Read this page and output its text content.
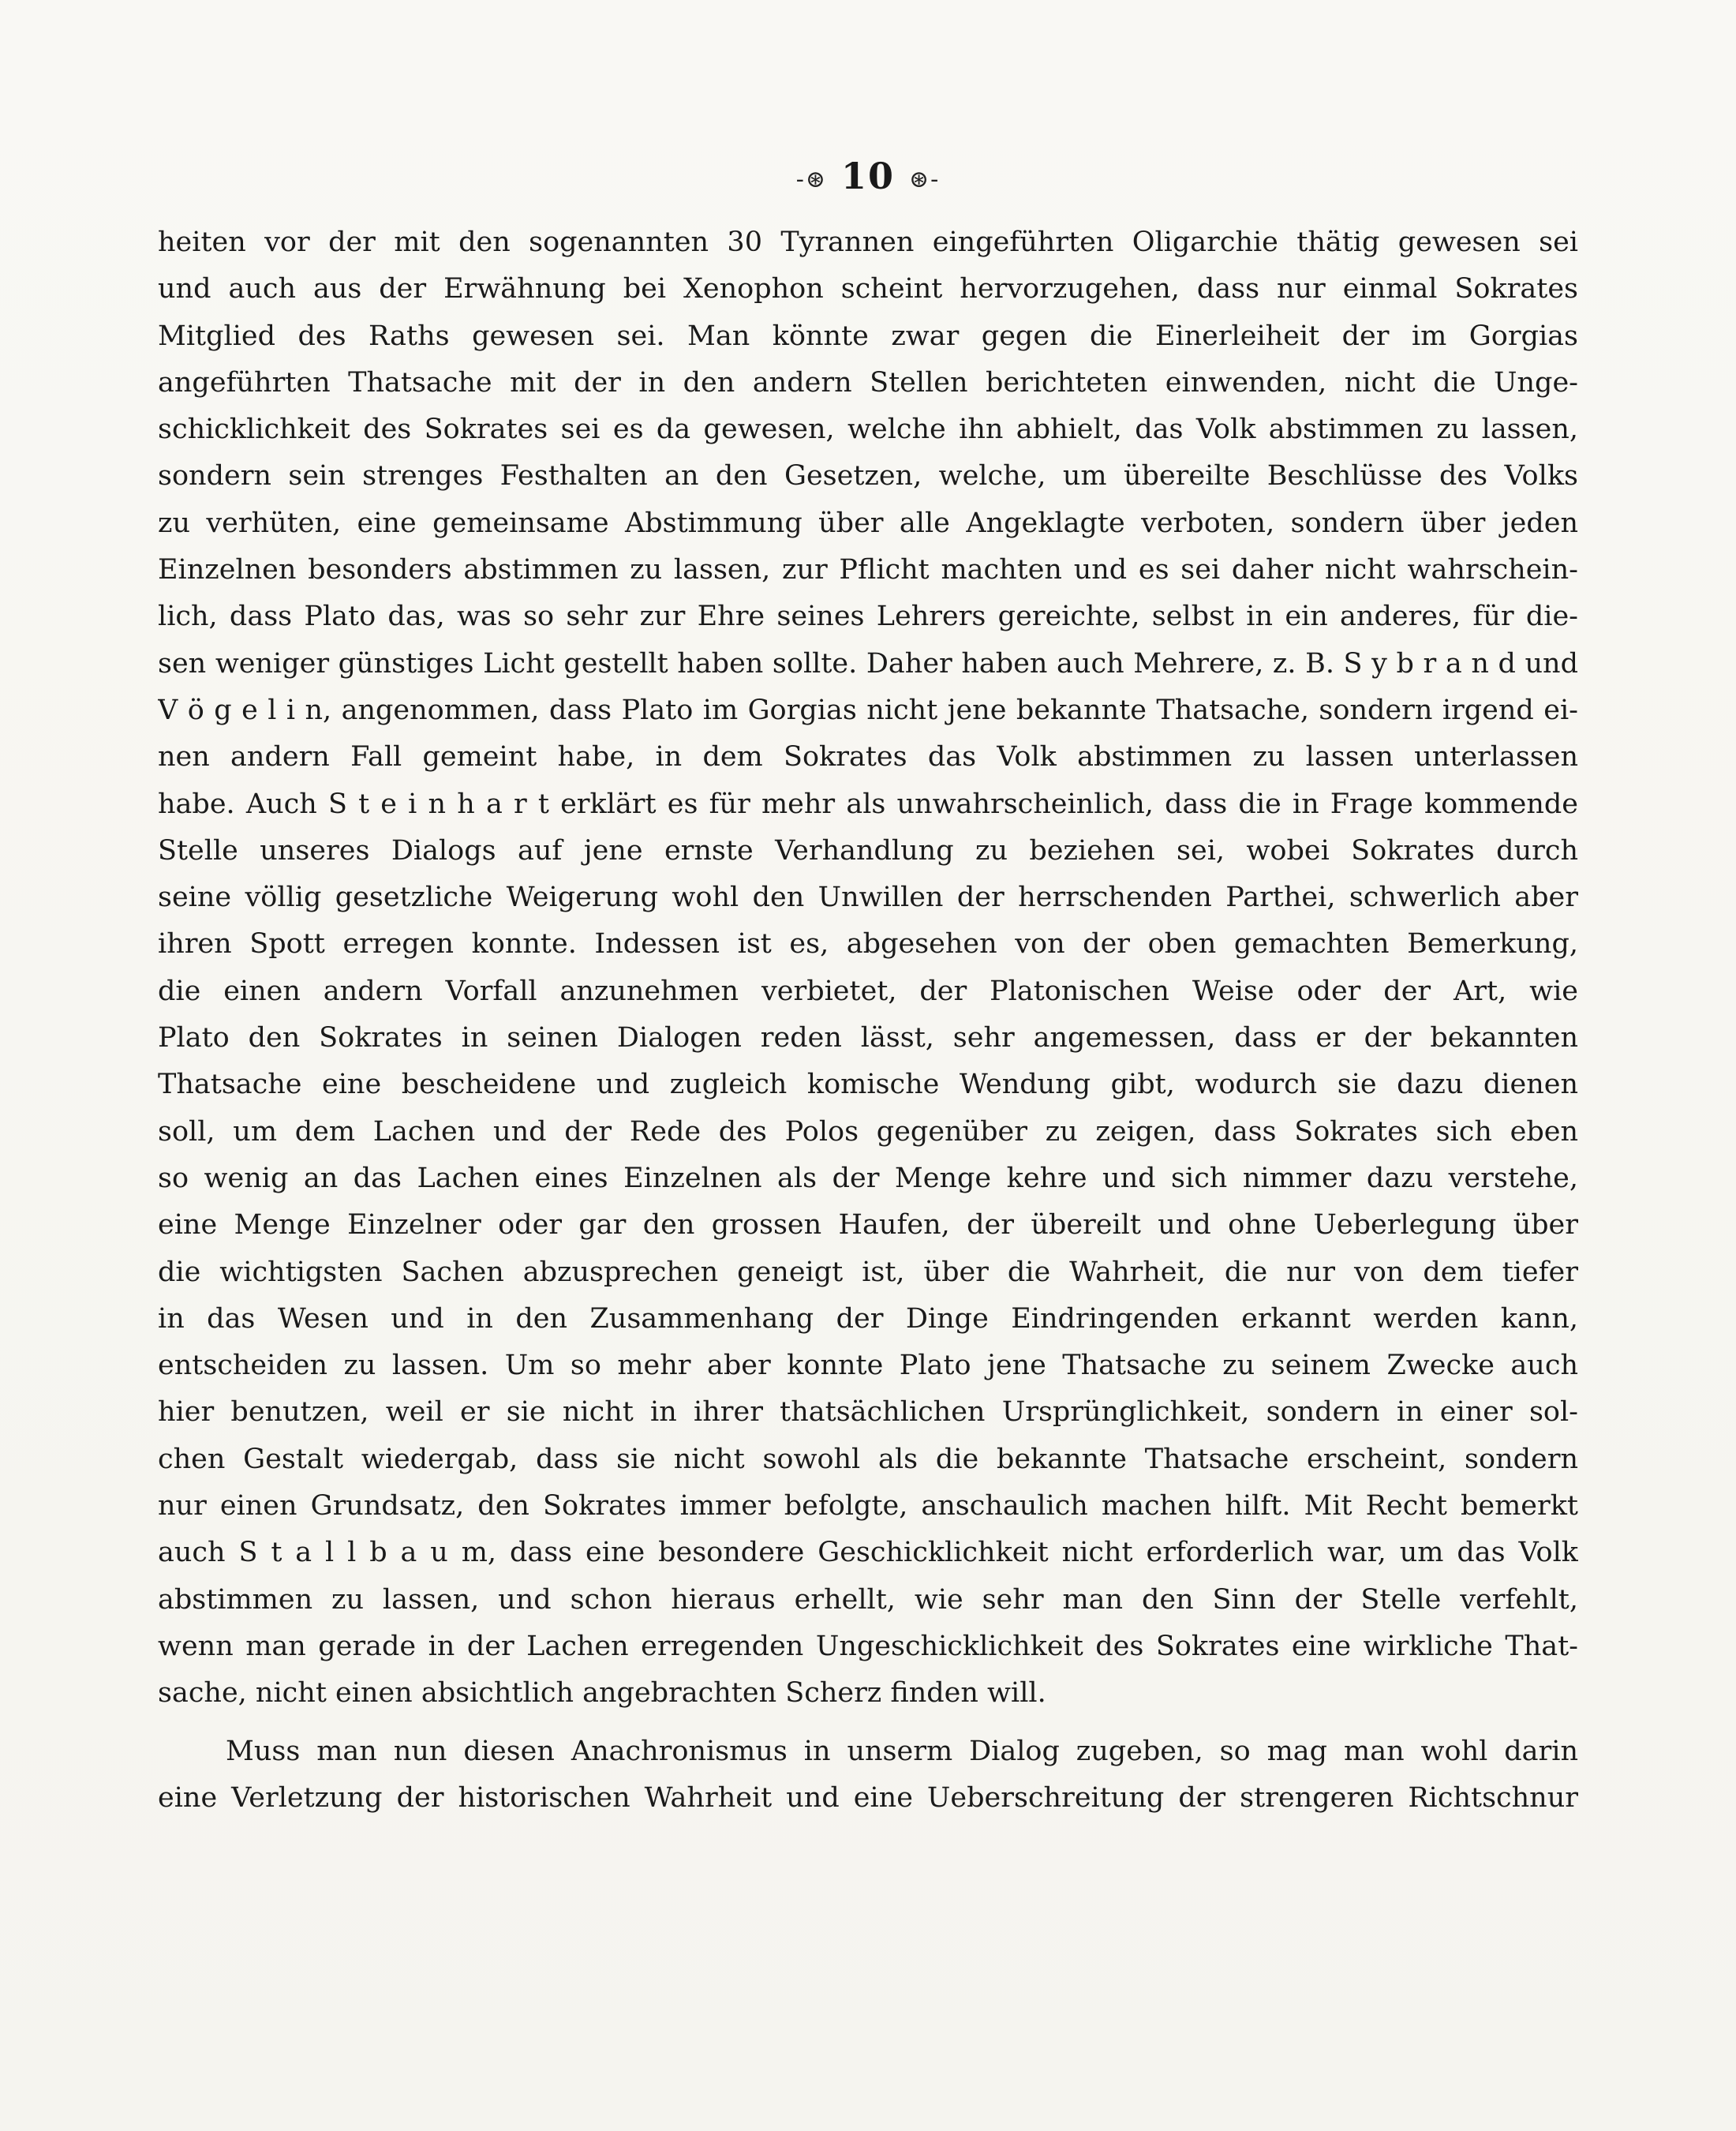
-⊛ 10 ⊛-
heiten vor der mit den sogenannten 30 Tyrannen eingeführten Oligarchie thätig gewesen sei
und auch aus der Erwähnung bei Xenophon scheint hervorzugehen, dass nur einmal Sokrates
Mitglied des Raths gewesen sei. Man könnte zwar gegen die Einerleiheit der im Gorgias
angeführten Thatsache mit der in den andern Stellen berichteten einwenden, nicht die Unge-
schicklichkeit des Sokrates sei es da gewesen, welche ihn abhielt, das Volk abstimmen zu lassen,
sondern sein strenges Festhalten an den Gesetzen, welche, um übereilte Beschlüsse des Volks
zu verhüten, eine gemeinsame Abstimmung über alle Angeklagte verboten, sondern über jeden
Einzelnen besonders abstimmen zu lassen, zur Pflicht machten und es sei daher nicht wahrschein-
lich, dass Plato das, was so sehr zur Ehre seines Lehrers gereichte, selbst in ein anderes, für die-
sen weniger günstiges Licht gestellt haben sollte. Daher haben auch Mehrere, z. B. S y b r a n d und
V ö g e l i n, angenommen, dass Plato im Gorgias nicht jene bekannte Thatsache, sondern irgend ei-
nen andern Fall gemeint habe, in dem Sokrates das Volk abstimmen zu lassen unterlassen
habe. Auch S t e i n h a r t erklärt es für mehr als unwahrscheinlich, dass die in Frage kommende
Stelle unseres Dialogs auf jene ernste Verhandlung zu beziehen sei, wobei Sokrates durch
seine völlig gesetzliche Weigerung wohl den Unwillen der herrschenden Parthei, schwerlich aber
ihren Spott erregen konnte. Indessen ist es, abgesehen von der oben gemachten Bemerkung,
die einen andern Vorfall anzunehmen verbietet, der Platonischen Weise oder der Art, wie
Plato den Sokrates in seinen Dialogen reden lässt, sehr angemessen, dass er der bekannten
Thatsache eine bescheidene und zugleich komische Wendung gibt, wodurch sie dazu dienen
soll, um dem Lachen und der Rede des Polos gegenüber zu zeigen, dass Sokrates sich eben
so wenig an das Lachen eines Einzelnen als der Menge kehre und sich nimmer dazu verstehe,
eine Menge Einzelner oder gar den grossen Haufen, der übereilt und ohne Ueberlegung über
die wichtigsten Sachen abzusprechen geneigt ist, über die Wahrheit, die nur von dem tiefer
in das Wesen und in den Zusammenhang der Dinge Eindringenden erkannt werden kann,
entscheiden zu lassen. Um so mehr aber konnte Plato jene Thatsache zu seinem Zwecke auch
hier benutzen, weil er sie nicht in ihrer thatsächlichen Ursprünglichkeit, sondern in einer sol-
chen Gestalt wiedergab, dass sie nicht sowohl als die bekannte Thatsache erscheint, sondern
nur einen Grundsatz, den Sokrates immer befolgte, anschaulich machen hilft. Mit Recht bemerkt
auch S t a l l b a u m, dass eine besondere Geschicklichkeit nicht erforderlich war, um das Volk
abstimmen zu lassen, und schon hieraus erhellt, wie sehr man den Sinn der Stelle verfehlt,
wenn man gerade in der Lachen erregenden Ungeschicklichkeit des Sokrates eine wirkliche That-
sache, nicht einen absichtlich angebrachten Scherz finden will.
Muss man nun diesen Anachronismus in unserm Dialog zugeben, so mag man wohl darin
eine Verletzung der historischen Wahrheit und eine Ueberschreitung der strengeren Richtschnur
